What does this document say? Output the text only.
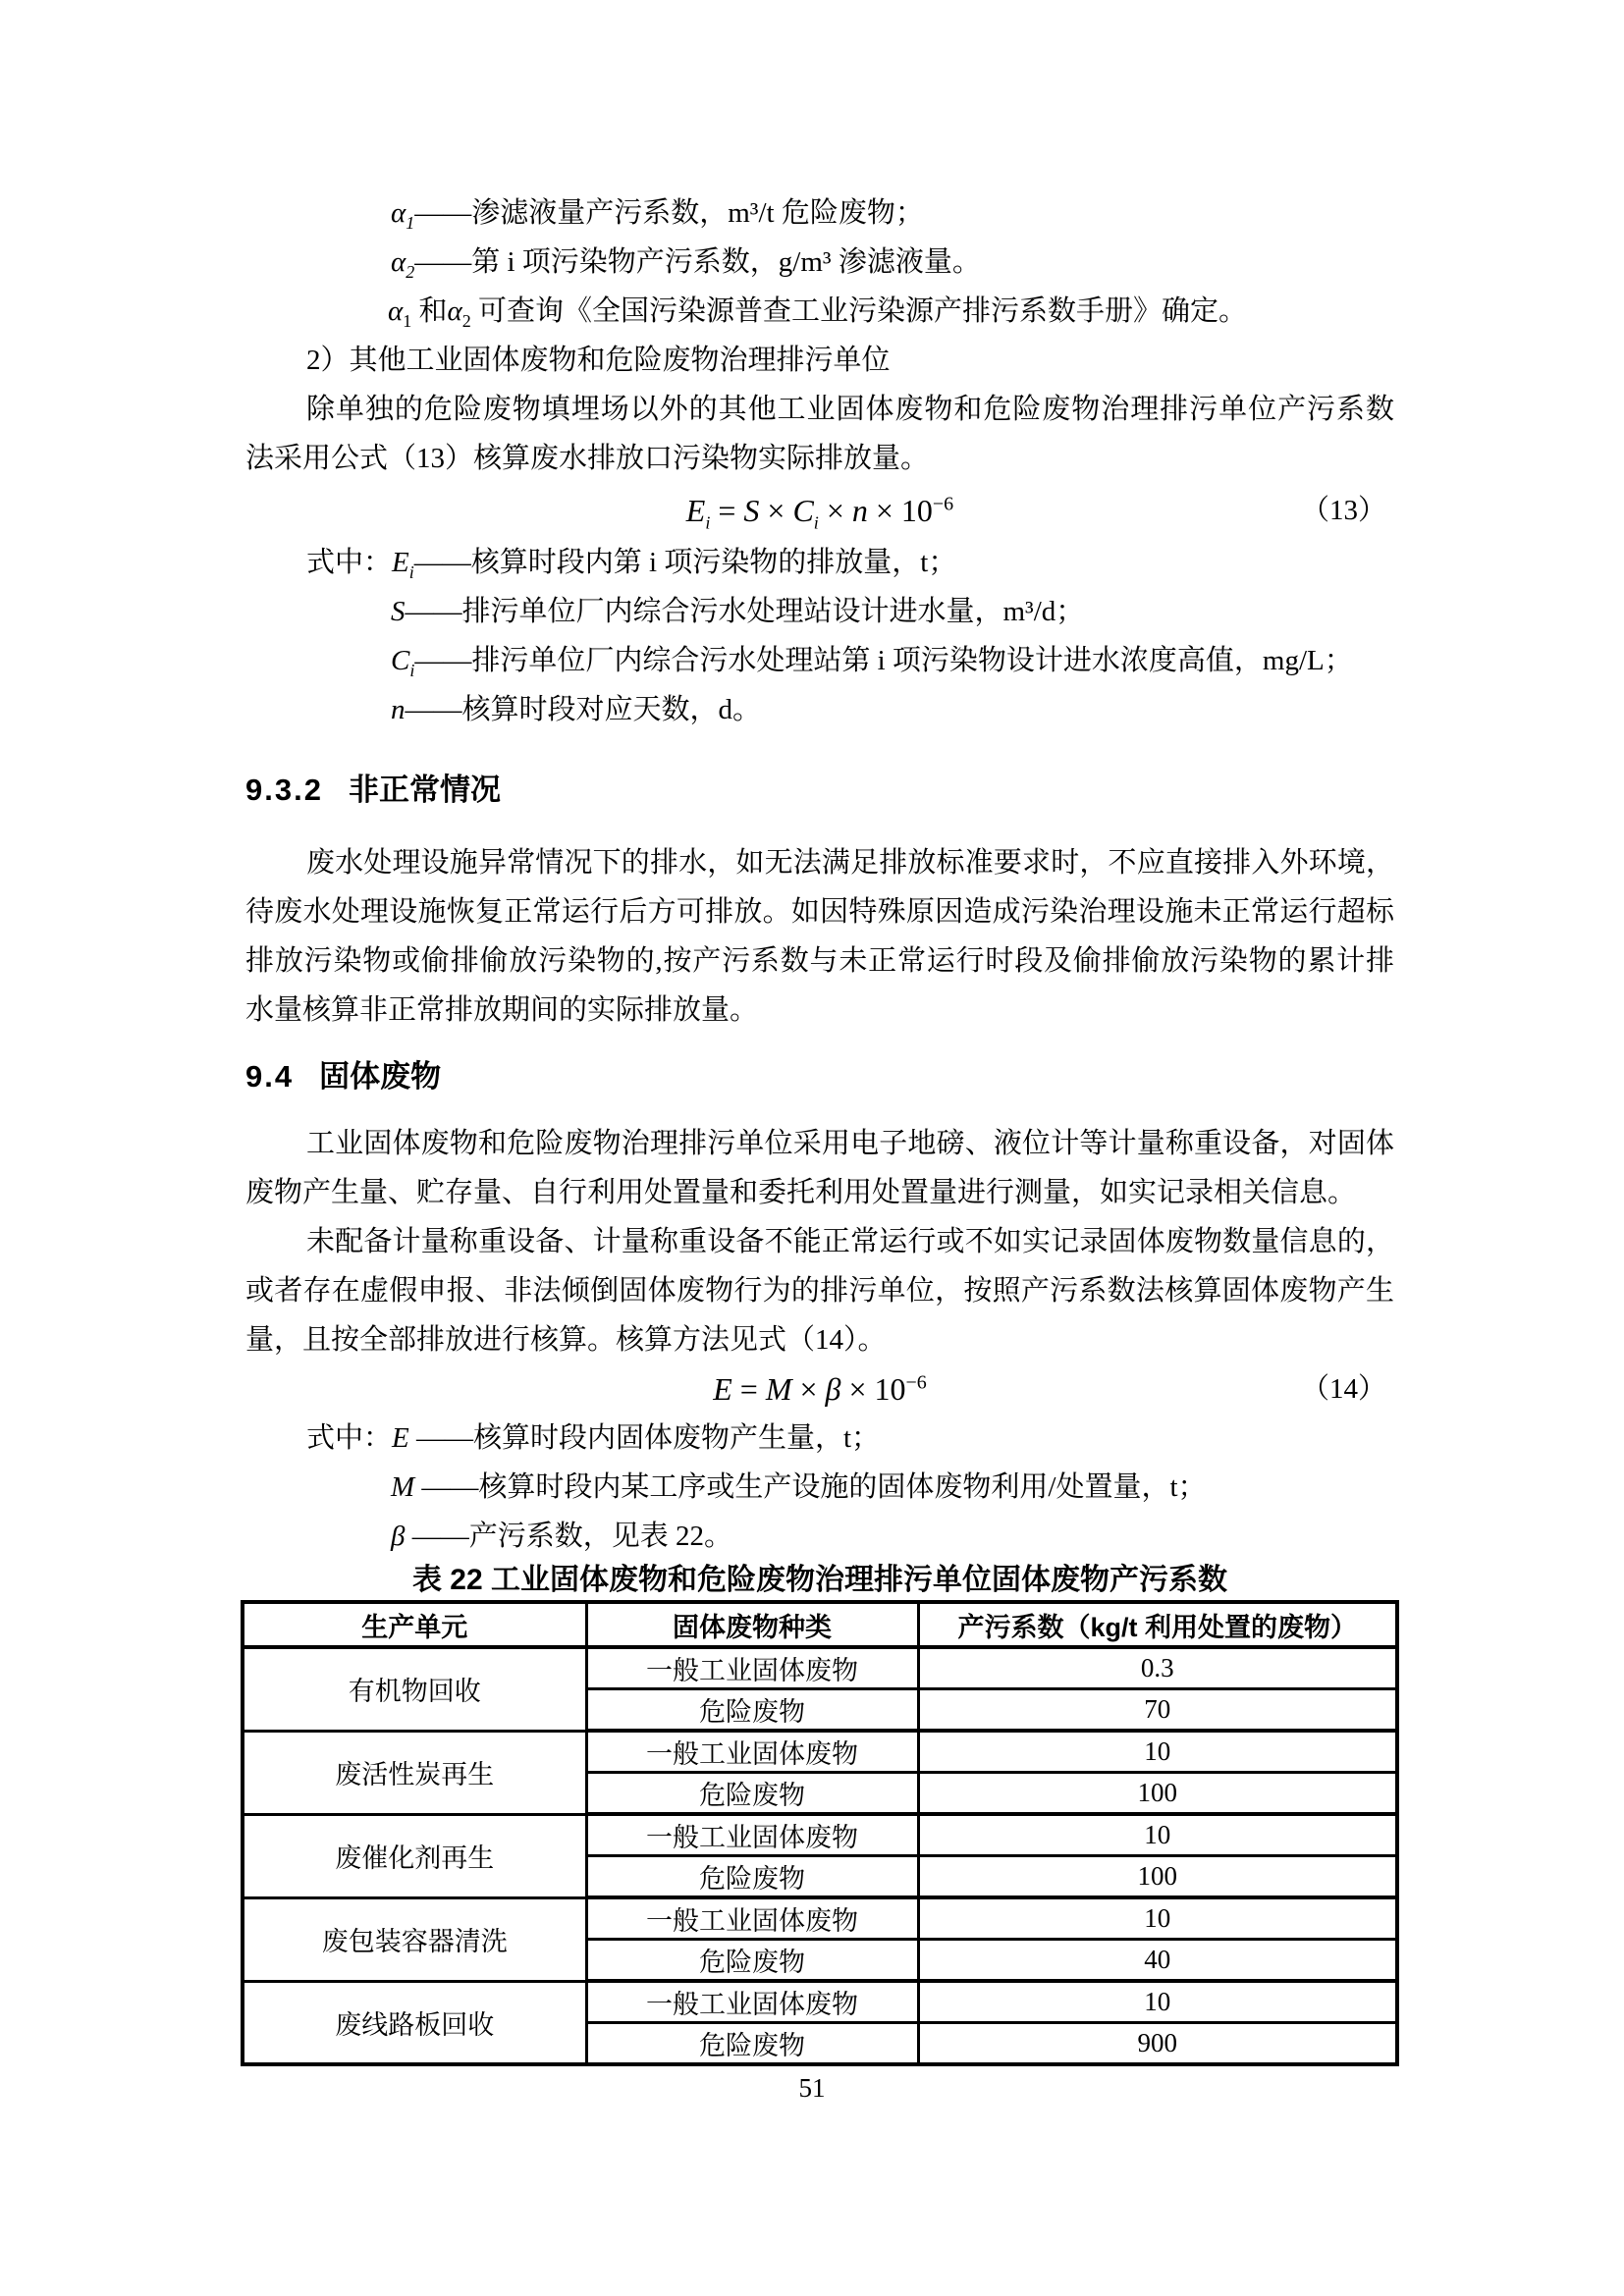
$\alpha_1——$渗滤液量产污系数，m³/t 危险废物；
$\alpha_2——$第 i 项污染物产污系数，g/m³ 渗滤液量。
$\alpha_1$ 和$\alpha_2$ 可查询《全国污染源普查工业污染源产排污系数手册》确定。
2）其他工业固体废物和危险废物治理排污单位
除单独的危险废物填埋场以外的其他工业固体废物和危险废物治理排污单位产污系数
法采用公式（13）核算废水排放口污染物实际排放量。
$E_i = S \times C_i \times n \times 10^{-6}$	（13）
式中：$E_i——$核算时段内第 i 项污染物的排放量，t；
S——排污单位厂内综合污水处理站设计进水量，m³/d；
$C_i——$排污单位厂内综合污水处理站第 i 项污染物设计进水浓度高值，mg/L；
n——核算时段对应天数，d。
9.3.2 非正常情况
废水处理设施异常情况下的排水，如无法满足排放标准要求时，不应直接排入外环境，
待废水处理设施恢复正常运行后方可排放。如因特殊原因造成污染治理设施未正常运行超标
排放污染物或偷排偷放污染物的,按产污系数与未正常运行时段及偷排偷放污染物的累计排
水量核算非正常排放期间的实际排放量。
9.4 固体废物
工业固体废物和危险废物治理排污单位采用电子地磅、液位计等计量称重设备，对固体
废物产生量、贮存量、自行利用处置量和委托利用处置量进行测量，如实记录相关信息。
未配备计量称重设备、计量称重设备不能正常运行或不如实记录固体废物数量信息的，
或者存在虚假申报、非法倾倒固体废物行为的排污单位，按照产污系数法核算固体废物产生
量，且按全部排放进行核算。核算方法见式（14）。
$E = M \times \beta \times 10^{-6}$	（14）
式中：E ——核算时段内固体废物产生量，t；
M ——核算时段内某工序或生产设施的固体废物利用/处置量，t；
β ——产污系数，见表 22。
表 22 工业固体废物和危险废物治理排污单位固体废物产污系数
生产单元	固体废物种类	产污系数（kg/t 利用处置的废物）
有机物回收	一般工业固体废物	0.3
	危险废物	70
废活性炭再生	一般工业固体废物	10
	危险废物	100
废催化剂再生	一般工业固体废物	10
	危险废物	100
废包装容器清洗	一般工业固体废物	10
	危险废物	40
废线路板回收	一般工业固体废物	10
	危险废物	900
51
